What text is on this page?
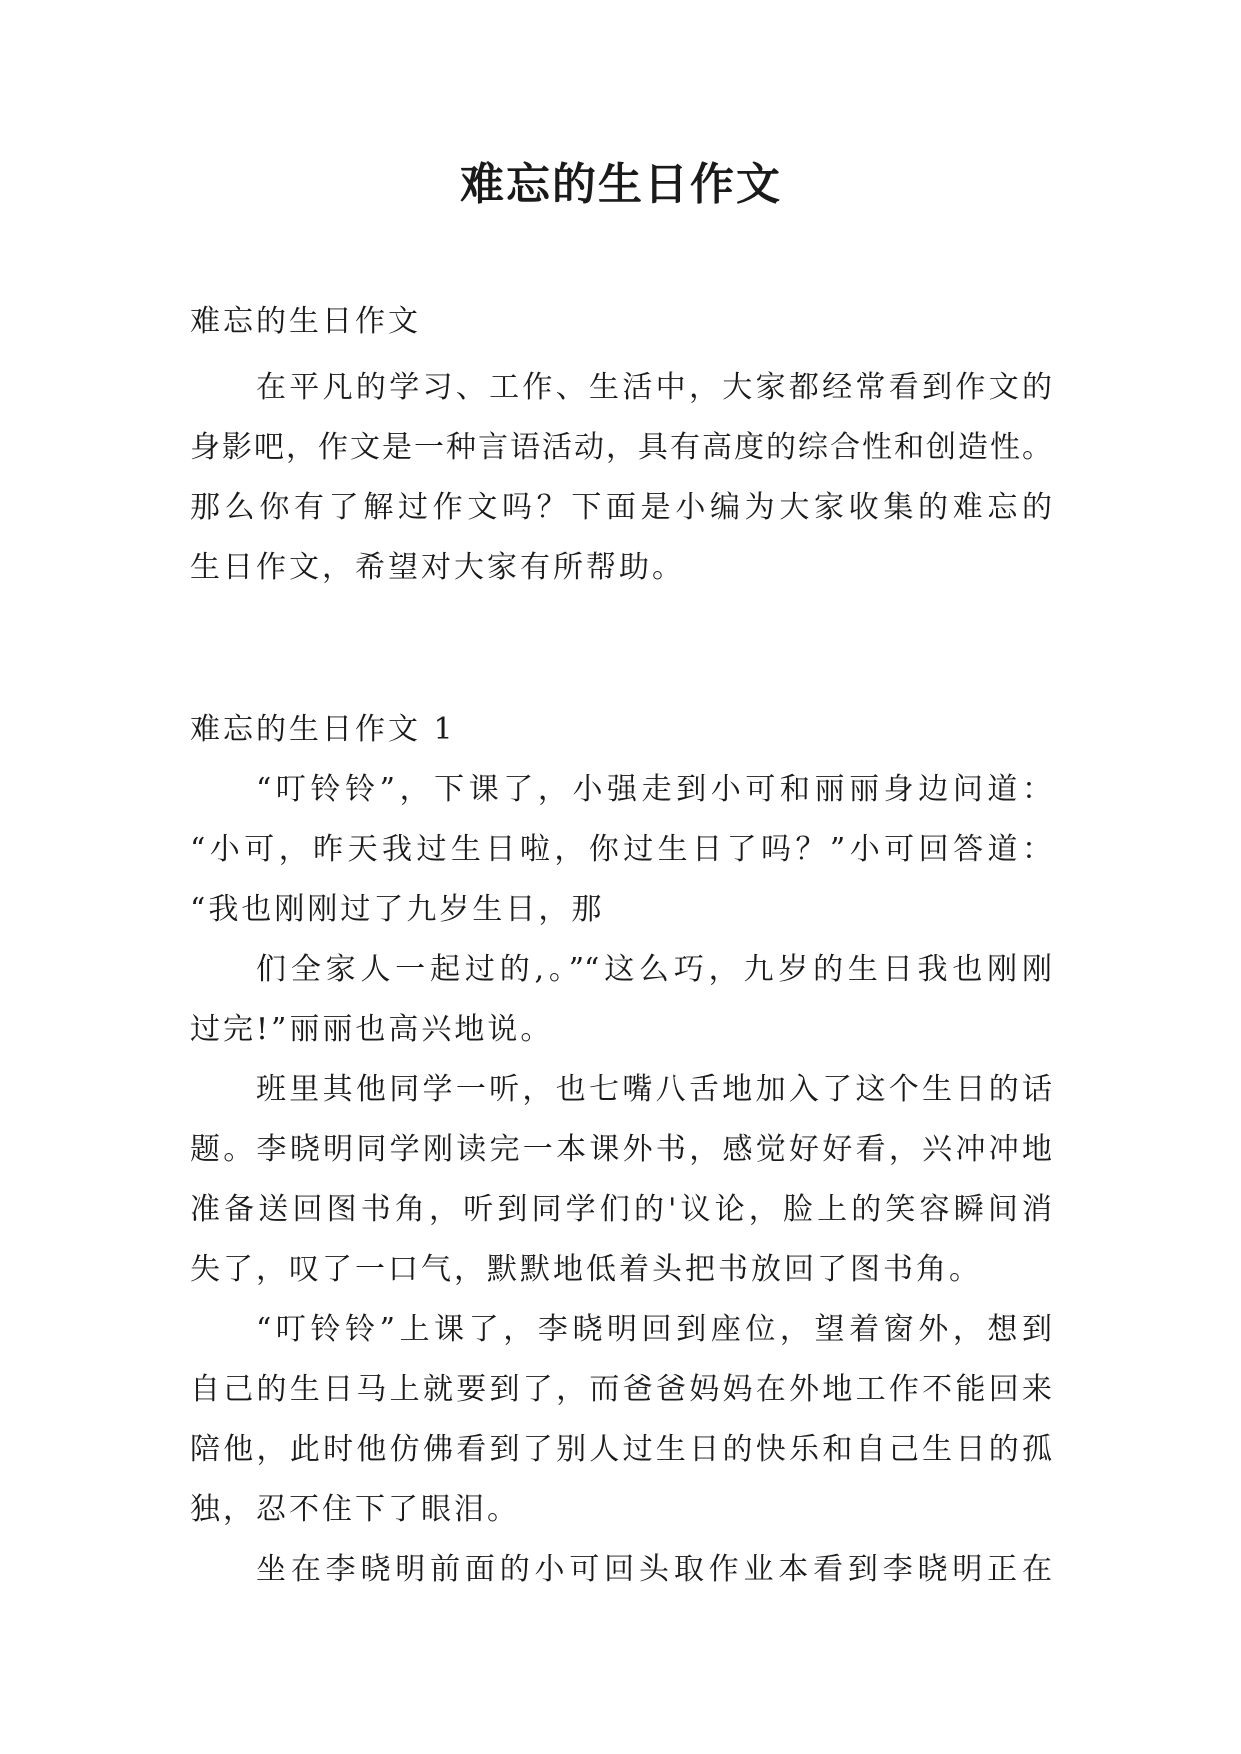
难忘的生日作文

难忘的生日作文

在平凡的学习、工作、生活中，大家都经常看到作文的
身影吧，作文是一种言语活动，具有高度的综合性和创造性。
那么你有了解过作文吗？下面是小编为大家收集的难忘的
生日作文，希望对大家有所帮助。

难忘的生日作文 1

“叮铃铃”，下课了，小强走到小可和丽丽身边问道：
“小可，昨天我过生日啦，你过生日了吗？”小可回答道：
“我也刚刚过了九岁生日，那
们全家人一起过的,。”“这么巧，九岁的生日我也刚刚
过完!”丽丽也高兴地说。
班里其他同学一听，也七嘴八舌地加入了这个生日的话
题。李晓明同学刚读完一本课外书，感觉好好看，兴冲冲地
准备送回图书角，听到同学们的'议论，脸上的笑容瞬间消
失了，叹了一口气，默默地低着头把书放回了图书角。
“叮铃铃”上课了，李晓明回到座位，望着窗外，想到
自己的生日马上就要到了，而爸爸妈妈在外地工作不能回来
陪他，此时他仿佛看到了别人过生日的快乐和自己生日的孤
独，忍不住下了眼泪。
坐在李晓明前面的小可回头取作业本看到李晓明正在
